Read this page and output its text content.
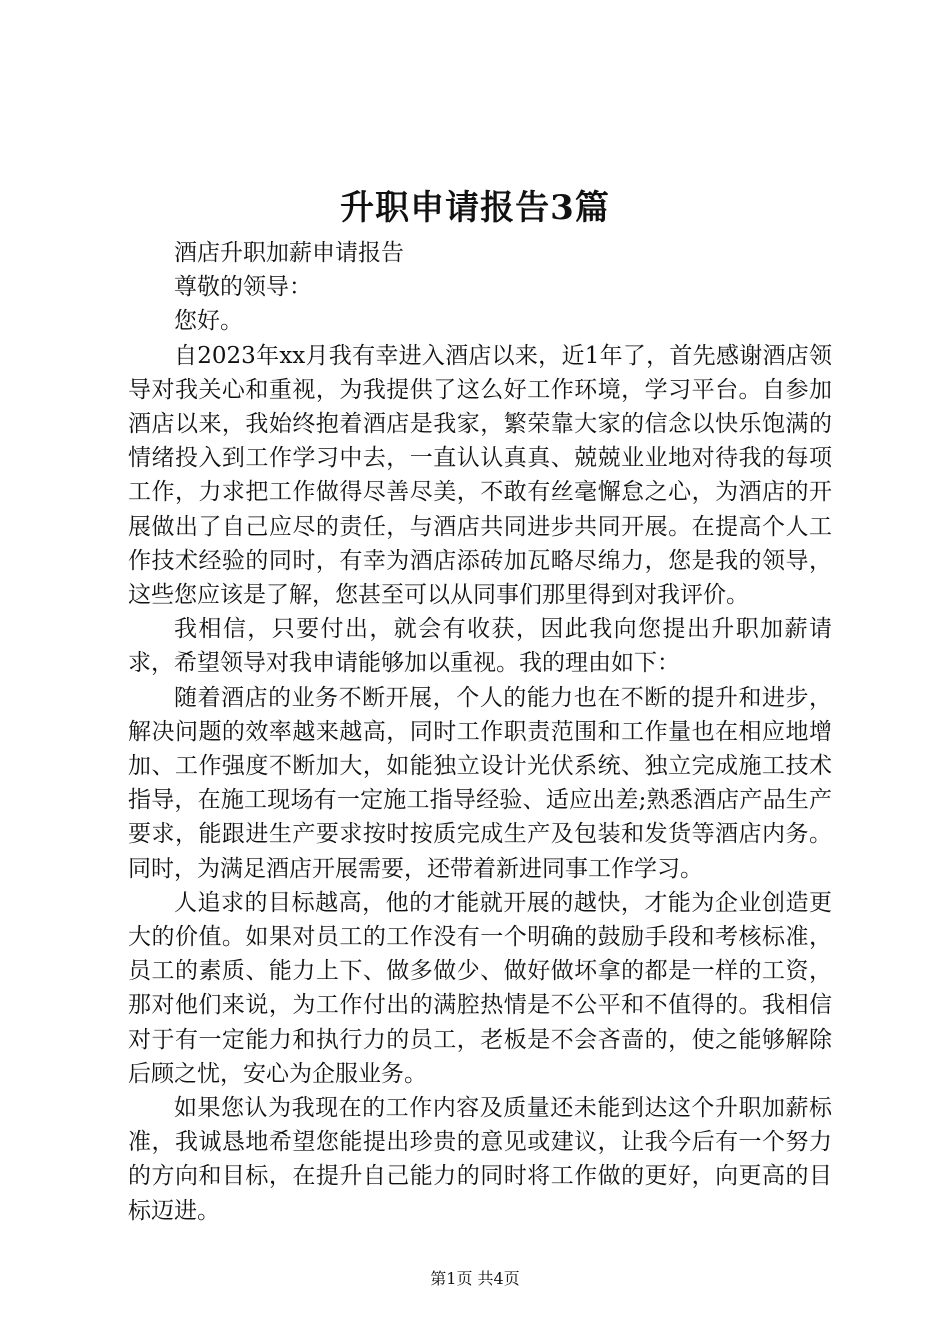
升职申请报告3篇

酒店升职加薪申请报告

尊敬的领导：

您好。

自2023年xx月我有幸进入酒店以来，近1年了，首先感谢酒店领导对我关心和重视，为我提供了这么好工作环境，学习平台。自参加酒店以来，我始终抱着酒店是我家，繁荣靠大家的信念以快乐饱满的情绪投入到工作学习中去，一直认认真真、兢兢业业地对待我的每项工作，力求把工作做得尽善尽美，不敢有丝毫懈怠之心，为酒店的开展做出了自己应尽的责任，与酒店共同进步共同开展。在提高个人工作技术经验的同时，有幸为酒店添砖加瓦略尽绵力，您是我的领导，这些您应该是了解，您甚至可以从同事们那里得到对我评价。

我相信，只要付出，就会有收获，因此我向您提出升职加薪请求，希望领导对我申请能够加以重视。我的理由如下：

随着酒店的业务不断开展，个人的能力也在不断的提升和进步，解决问题的效率越来越高，同时工作职责范围和工作量也在相应地增加、工作强度不断加大，如能独立设计光伏系统、独立完成施工技术指导，在施工现场有一定施工指导经验、适应出差;熟悉酒店产品生产要求，能跟进生产要求按时按质完成生产及包装和发货等酒店内务。同时，为满足酒店开展需要，还带着新进同事工作学习。

人追求的目标越高，他的才能就开展的越快，才能为企业创造更大的价值。如果对员工的工作没有一个明确的鼓励手段和考核标准，员工的素质、能力上下、做多做少、做好做坏拿的都是一样的工资，那对他们来说，为工作付出的满腔热情是不公平和不值得的。我相信对于有一定能力和执行力的员工，老板是不会吝啬的，使之能够解除后顾之忧，安心为企服业务。

如果您认为我现在的工作内容及质量还未能到达这个升职加薪标准，我诚恳地希望您能提出珍贵的意见或建议，让我今后有一个努力的方向和目标，在提升自己能力的同时将工作做的更好，向更高的目标迈进。

第1页 共4页
